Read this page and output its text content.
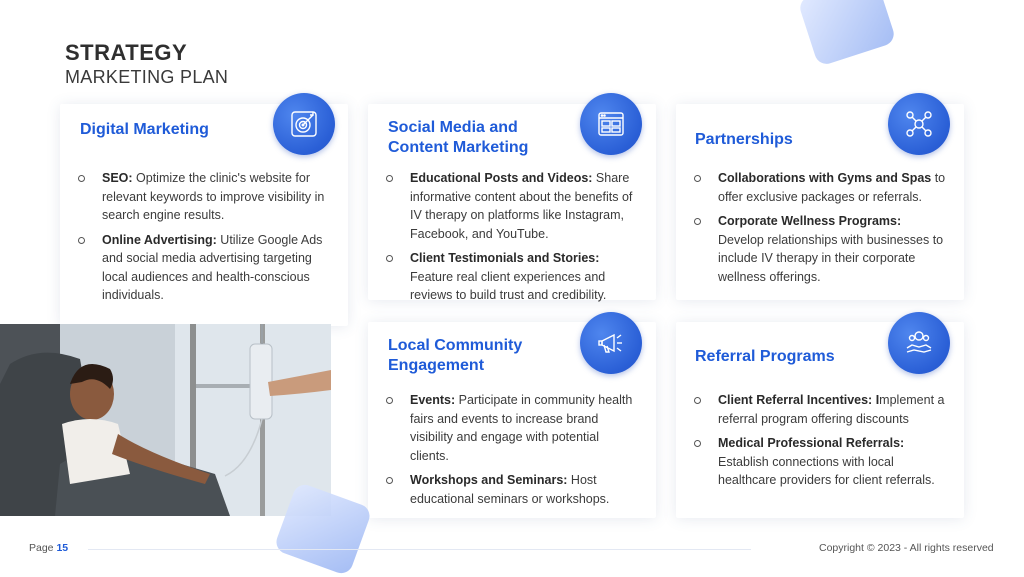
STRATEGY
MARKETING PLAN
Digital Marketing
SEO: Optimize the clinic's website for relevant keywords to improve visibility in search engine results.
Online Advertising: Utilize Google Ads and social media advertising targeting local audiences and health-conscious individuals.
Social Media and Content Marketing
Educational Posts and Videos: Share informative content about the benefits of IV therapy on platforms like Instagram, Facebook, and YouTube.
Client Testimonials and Stories: Feature real client experiences and reviews to build trust and credibility.
Partnerships
Collaborations with Gyms and Spas to offer exclusive packages or referrals.
Corporate Wellness Programs: Develop relationships with businesses to include IV therapy in their corporate wellness offerings.
Local Community Engagement
Events: Participate in community health fairs and events to increase brand visibility and engage with potential clients.
Workshops and Seminars: Host educational seminars or workshops.
Referral Programs
Client Referral Incentives: Implement a referral program offering discounts
Medical Professional Referrals: Establish connections with local healthcare providers for client referrals.
Page 15	Copyright © 2023 - All rights reserved
